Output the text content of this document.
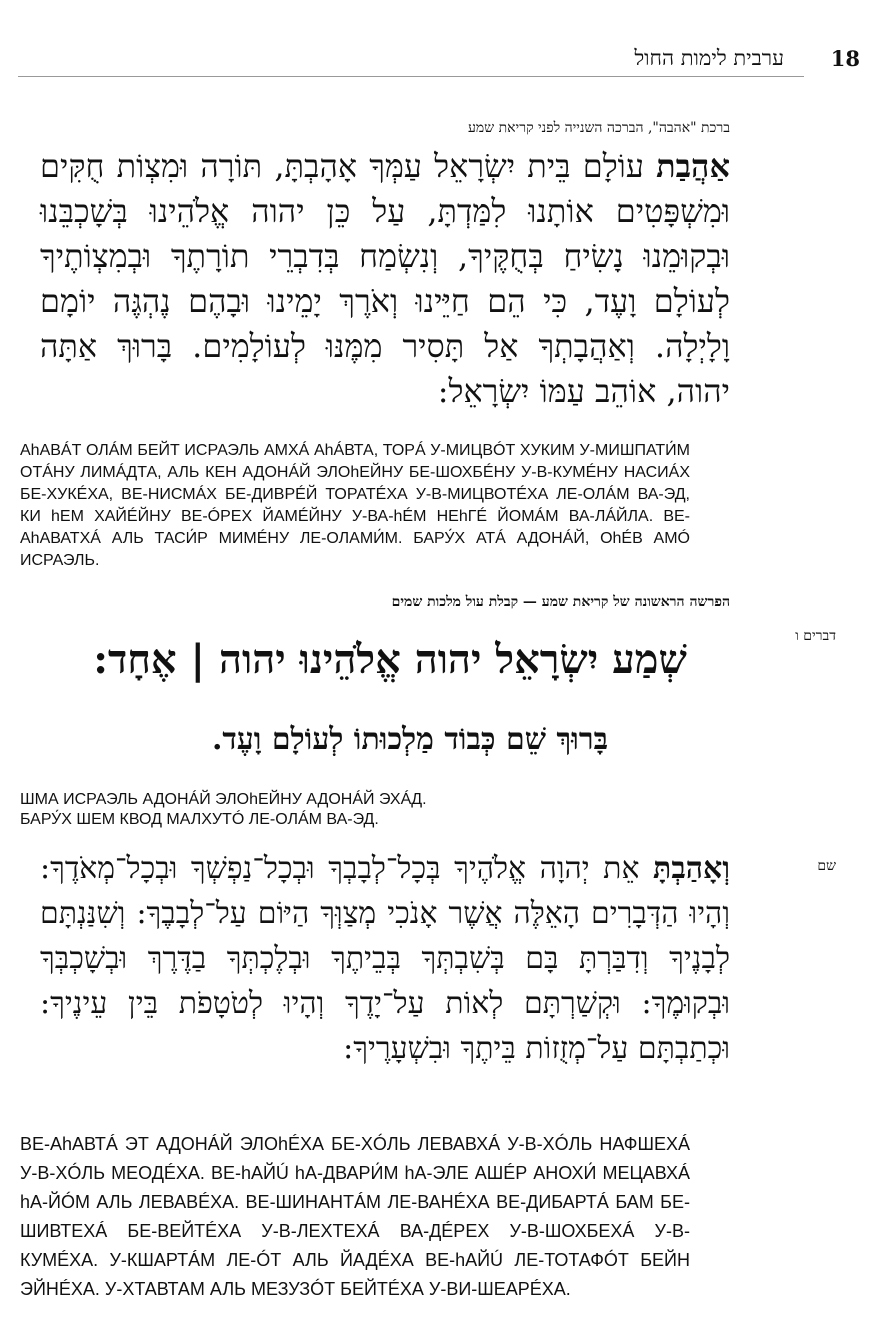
18
ערבית לימות החול
ברכת "אהבה", הברכה השנייה לפני קריאת שמע
אַהֲבַת עוֹלָם בֵּית יִשְׂרָאֵל עַמְּךָ אָהָבְתָּ, תּוֹרָה וּמִצְוֹת חֻקִּים וּמִשְׁפָּטִים אוֹתָנוּ לִמַּדְתָּ, עַל כֵּן יהוה אֱלֹהֵינוּ בְּשָׁכְבֵּנוּ וּבְקוּמֵנוּ נָשִׂיחַ בְּחֻקֶּיךָ, וְנִשְׂמַח בְּדִבְרֵי תוֹרָתֶךָ וּבְמִצְוֹתֶיךָ לְעוֹלָם וָעֶד, כִּי הֵם חַיֵּינוּ וְאֹרֶךְ יָמֵינוּ וּבָהֶם נֶהְגֶּה יוֹמָם וָלָיְלָה. וְאַהֲבָתְךָ אַל תָּסִיר מִמֶּנּוּ לְעוֹלָמִים. בָּרוּךְ אַתָּה יהוה, אוֹהֵב עַמּוֹ יִשְׂרָאֵל:
АhАВÁТ ОЛÁМ БЕЙТ ИСРАЭЛЬ АМХÁ АhÁВТА, ТОРÁ У-МИЦВÓТ ХУКИМ У-МИШПАТИ́М ОТÁНУ ЛИМÁДТА, АЛЬ КЕН АДОНÁЙ ЭЛОhЕЙНУ БЕ-ШОХБÉНУ У-В-КУМÉНУ НАСИÁХ БЕ-ХУКÉХА, ВЕ-НИСМÁХ БЕ-ДИВРÉЙ ТОРАТÉХА У-В-МИЦВОТÉХА ЛЕ-ОЛÁМ ВА-ЭД, КИ hЕМ ХАЙÉЙНУ ВЕ-ÓРЕХ ЙАМÉЙНУ У-ВА-hÉМ НЕhГÉ ЙОМÁМ ВА-ЛÁЙЛА. ВЕ-АhАВАТХÁ АЛЬ ТАСИ́Р МИМÉНУ ЛЕ-ОЛАМИ́М. БАРУ́Х АТÁ АДОНÁЙ, ОhÉВ АМÓ ИСРАЭЛЬ.
הפרשה הראשונה של קריאת שמע — קבלת עול מלכות שמים
דברים ו
שְׁמַע יִשְׂרָאֵל יהוה אֱלֹהֵינוּ יהוה | אֶחָד:
בָּרוּךְ שֵׁם כְּבוֹד מַלְכוּתוֹ לְעוֹלָם וָעֶד.
ШМА ИСРАЭЛЬ АДОНÁЙ ЭЛОhЕЙНУ АДОНÁЙ ЭХÁД.
БАРУ́Х ШЕМ КВОД МАЛХУТÓ ЛЕ-ОЛÁМ ВА-ЭД.
שם
וְאָהַבְתָּ אֵת יְהוָה אֱלֹהֶיךָ בְּכָל־לְבָבְךָ וּבְכָל־נַפְשְׁךָ וּבְכָל־מְאֹדֶךָ: וְהָיוּ הַדְּבָרִים הָאֵלֶּה אֲשֶׁר אָנֹכִי מְצַוְּךָ הַיּוֹם עַל־לְבָבֶךָ: וְשִׁנַּנְתָּם לְבָנֶיךָ וְדִבַּרְתָּ בָּם בְּשִׁבְתְּךָ בְּבֵיתֶךָ וּבְלֶכְתְּךָ בַדֶּרֶךְ וּבְשָׁכְבְּךָ וּבְקוּמֶךָ: וּקְשַׁרְתָּם לְאוֹת עַל־יָדֶךָ וְהָיוּ לְטֹטָפֹת בֵּין עֵינֶיךָ: וּכְתַבְתָּם עַל־מְזֻזוֹת בֵּיתֶךָ וּבִשְׁעָרֶיךָ:
ВЕ-АhАВТÁ ЭТ АДОНÁЙ ЭЛОhÉХА БЕ-ХÓЛЬ ЛЕВАВХÁ У-В-ХÓЛЬ НАФШЕХÁ У-В-ХÓЛЬ МЕОДÉХА. ВЕ-hАЙÚ hА-ДВАРИ́М hА-ЭЛЕ АШÉР АНОХИ́ МЕЦАВХÁ hА-ЙÓМ АЛЬ ЛЕВАВÉХА. ВЕ-ШИНАНТÁМ ЛЕ-ВАНÉХА ВЕ-ДИБАРТÁ БАМ БЕ-ШИВТЕХÁ БЕ-ВЕЙТÉХА У-В-ЛЕХТЕХÁ ВА-ДÉРЕХ У-В-ШОХБЕХÁ У-В-КУМÉХА. У-КШАРТÁМ ЛЕ-ÓТ АЛЬ ЙАДÉХА ВЕ-hАЙÚ ЛЕ-ТОТАФÓТ БЕЙН ЭЙНÉХА. У-ХТАВТАМ АЛЬ МЕЗУЗÓТ БЕЙТÉХА У-ВИ-ШЕАРÉХА.
